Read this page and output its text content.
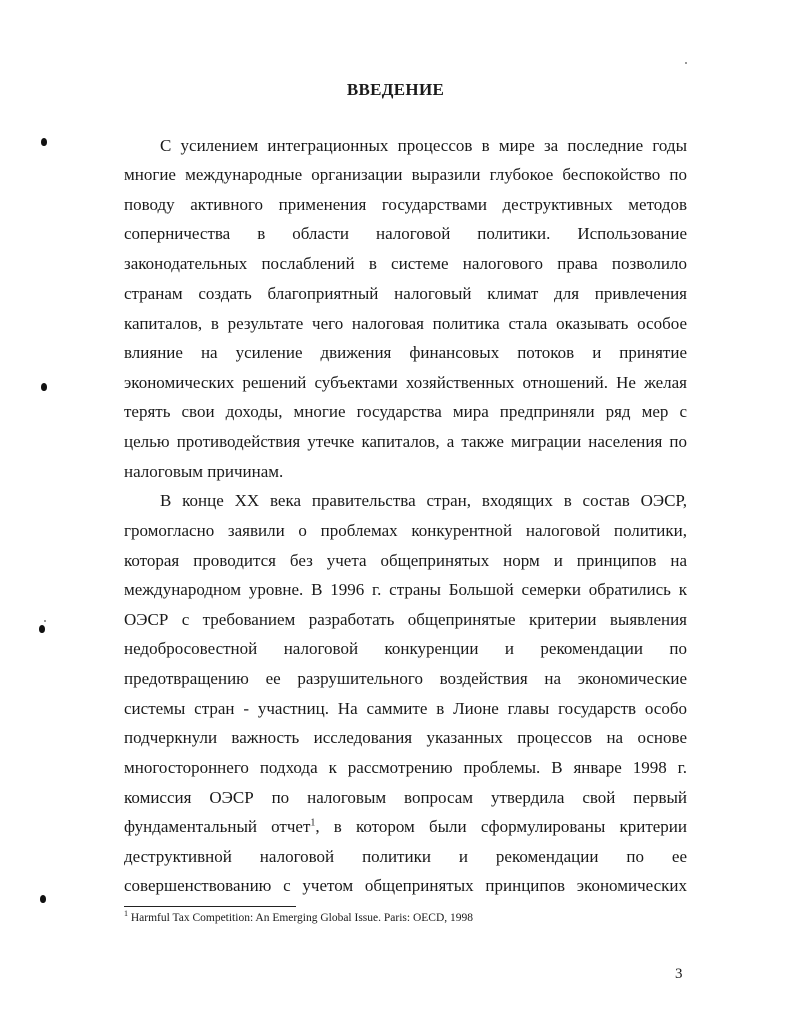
ВВЕДЕНИЕ
С усилением интеграционных процессов в мире за последние годы
многие международные организации выразили глубокое беспокойство по
поводу активного применения государствами деструктивных методов
соперничества в области налоговой политики. Использование
законодательных послаблений в системе налогового права позволило
странам создать благоприятный налоговый климат для привлечения
капиталов, в результате чего налоговая политика стала оказывать особое
влияние на усиление движения финансовых потоков и принятие
экономических решений субъектами хозяйственных отношений. Не желая
терять свои доходы, многие государства мира предприняли ряд мер с
целью противодействия утечке капиталов, а также миграции населения по
налоговым причинам.
В конце XX века правительства стран, входящих в состав ОЭСР,
громогласно заявили о проблемах конкурентной налоговой политики,
которая проводится без учета общепринятых норм и принципов на
международном уровне. В 1996 г. страны Большой семерки обратились к
ОЭСР с требованием разработать общепринятые критерии выявления
недобросовестной налоговой конкуренции и рекомендации по
предотвращению ее разрушительного воздействия на экономические
системы стран - участниц. На саммите в Лионе главы государств особо
подчеркнули важность исследования указанных процессов на основе
многостороннего подхода к рассмотрению проблемы. В январе 1998 г.
комиссия ОЭСР по налоговым вопросам утвердила свой первый
фундаментальный отчет$^1$, в котором были сформулированы критерии
деструктивной налоговой политики и рекомендации по ее
совершенствованию с учетом общепринятых принципов экономических
$^1$ Harmful Tax Competition: An Emerging Global Issue. Paris: OECD, 1998
3
